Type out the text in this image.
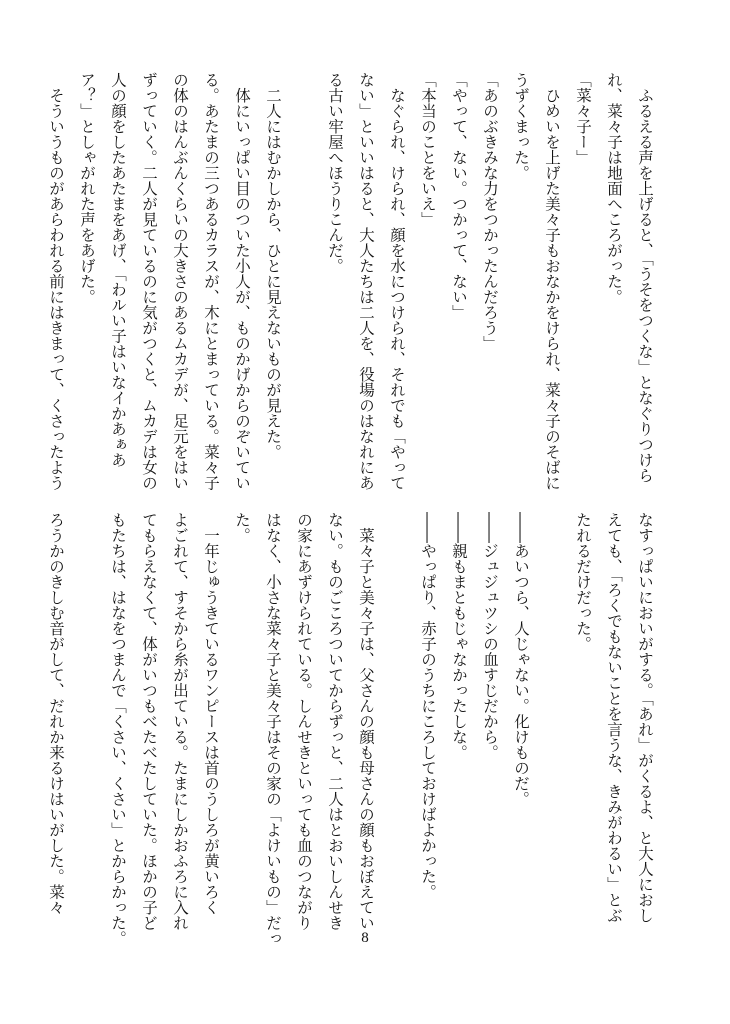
　ふるえる声を上げると、「うそをつくな」となぐりつけら
れ、菜々子は地面へころがった。
「菜々子ー」
　ひめいを上げた美々子もおなかをけられ、菜々子のそばに
うずくまった。
「あのぶきみな力をつかったんだろう」
「やって、ない。つかって、ない」
「本当のことをいえ」
　なぐられ、けられ、顔を水につけられ、それでも「やって
ない」といいはると、大人たちは二人を、役場のはなれにあ
る古い牢屋へほうりこんだ。

　二人にはむかしから、ひとに見えないものが見えた。
　体にいっぱい目のついた小人が、ものかげからのぞいてい
る。あたまの三つあるカラスが、木にとまっている。菜々子
の体のはんぶんくらいの大きさのあるムカデが、足元をはい
ずっていく。二人が見ているのに気がつくと、ムカデは女の
人の顔をしたあたまをあげ、「わルい子はいなイかあぁあ
ア？」としゃがれた声をあげた。
　そういうものがあらわれる前にはきまって、くさったよう
なすっぱいにおいがする。「あれ」がくるよ、と大人におし
えても、「ろくでもないことを言うな、きみがわるい」とぶ
たれるだけだった。

――あいつら、人じゃない。化けものだ。
――ジュジュツシの血すじだから。
――親もまともじゃなかったしな。
――やっぱり、赤子のうちにころしておけばよかった。

　菜々子と美々子は、父さんの顔も母さんの顔もおぼえてい
ない。ものごころついてからずっと、二人はとおいしんせき
の家にあずけられている。しんせきといっても血のつながり
はなく、小さな菜々子と美々子はその家の「よけいもの」だっ
た。
　一年じゅうきているワンピースは首のうしろが黄いろく
よごれて、すそから糸が出ている。たまにしかおふろに入れ
てもらえなくて、体がいつもべたべたしていた。ほかの子ど
もたちは、はなをつまんで「くさい、くさい」とからかった。

ろうかのきしむ音がして、だれか来るけはいがした。菜々
8
